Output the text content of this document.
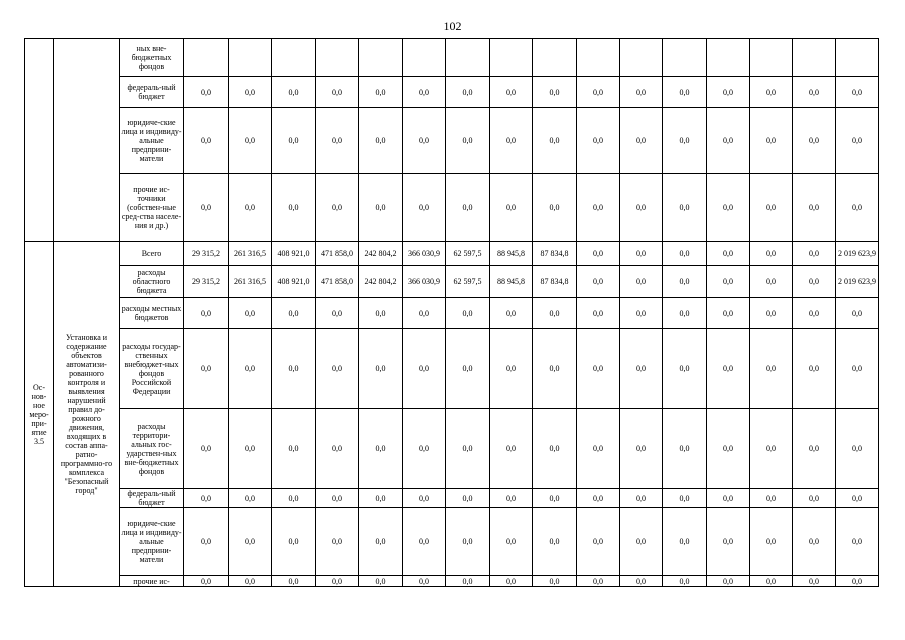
102
		ных вне-бюджетных фондов																
		федераль-ный бюджет	0,0	0,0	0,0	0,0	0,0	0,0	0,0	0,0	0,0	0,0	0,0	0,0	0,0	0,0	0,0	0,0
		юридиче-ские лица и индивиду-альные предприни-матели	0,0	0,0	0,0	0,0	0,0	0,0	0,0	0,0	0,0	0,0	0,0	0,0	0,0	0,0	0,0	0,0
		прочие ис-точники (собствен-ные сред-ства населе-ния и др.)	0,0	0,0	0,0	0,0	0,0	0,0	0,0	0,0	0,0	0,0	0,0	0,0	0,0	0,0	0,0	0,0
Ос-нов-ное меро-при-ятие 3.5	Установка и содержание объектов автоматизи-рованного контроля и выявления нарушений правил до-рожного движения, входящих в состав аппа-ратно-программно-го комплекса "Безопасный город"	Всего	29 315,2	261 316,5	408 921,0	471 858,0	242 804,2	366 030,9	62 597,5	88 945,8	87 834,8	0,0	0,0	0,0	0,0	0,0	0,0	2 019 623,9
		расходы областного бюджета	29 315,2	261 316,5	408 921,0	471 858,0	242 804,2	366 030,9	62 597,5	88 945,8	87 834,8	0,0	0,0	0,0	0,0	0,0	0,0	2 019 623,9
		расходы местных бюджетов	0,0	0,0	0,0	0,0	0,0	0,0	0,0	0,0	0,0	0,0	0,0	0,0	0,0	0,0	0,0	0,0
		расходы государ-ственных внебюджет-ных фондов Российской Федерации	0,0	0,0	0,0	0,0	0,0	0,0	0,0	0,0	0,0	0,0	0,0	0,0	0,0	0,0	0,0	0,0
		расходы территори-альных гос-ударствен-ных вне-бюджетных фондов	0,0	0,0	0,0	0,0	0,0	0,0	0,0	0,0	0,0	0,0	0,0	0,0	0,0	0,0	0,0	0,0
		федераль-ный бюджет	0,0	0,0	0,0	0,0	0,0	0,0	0,0	0,0	0,0	0,0	0,0	0,0	0,0	0,0	0,0	0,0
		юридиче-ские лица и индивиду-альные предприни-матели	0,0	0,0	0,0	0,0	0,0	0,0	0,0	0,0	0,0	0,0	0,0	0,0	0,0	0,0	0,0	0,0
		прочие ис-	0,0	0,0	0,0	0,0	0,0	0,0	0,0	0,0	0,0	0,0	0,0	0,0	0,0	0,0	0,0	0,0
